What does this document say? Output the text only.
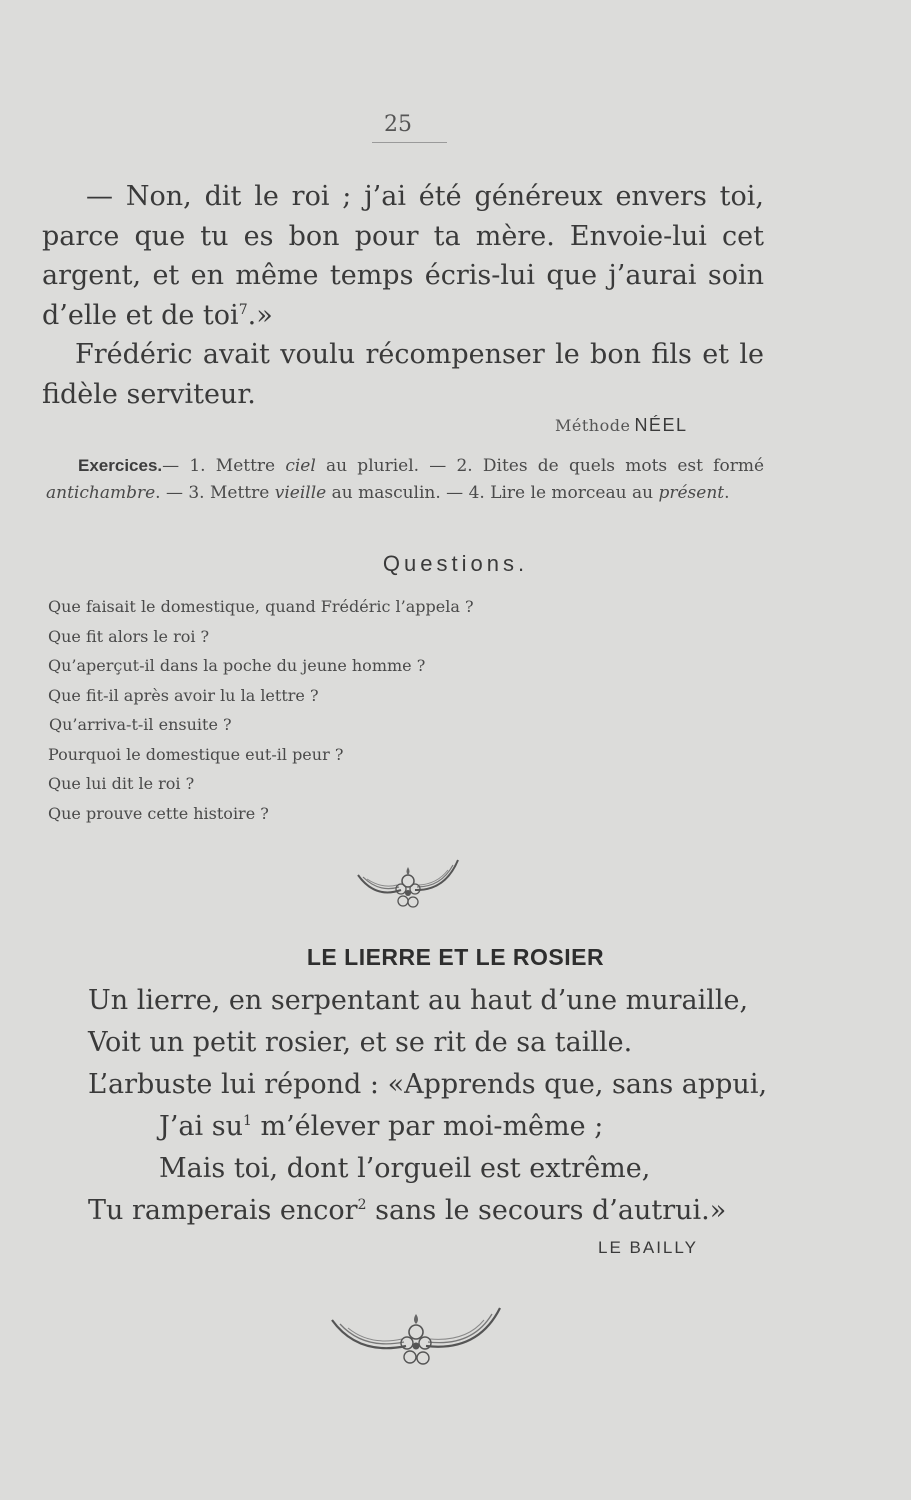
25
— Non, dit le roi ; j’ai été généreux envers toi, parce que tu es bon pour ta mère. Envoie-lui cet argent, et en même temps écris-lui que j’aurai soin d’elle et de toi$^7$.»
Frédéric avait voulu récompenser le bon fils et le fidèle serviteur.
Méthode NÉEL
Exercices.— 1. Mettre ciel au pluriel. — 2. Dites de quels mots est formé antichambre. — 3. Mettre vieille au masculin. — 4. Lire le morceau au présent.
Questions.
Que faisait le domestique, quand Frédéric l’appela ?
Que fit alors le roi ?
Qu’aperçut-il dans la poche du jeune homme ?
Que fit-il après avoir lu la lettre ?
Qu’arriva-t-il ensuite ?
Pourquoi le domestique eut-il peur ?
Que lui dit le roi ?
Que prouve cette histoire ?
LE LIERRE ET LE ROSIER
Un lierre, en serpentant au haut d’une muraille,
Voit un petit rosier, et se rit de sa taille.
L’arbuste lui répond : «Apprends que, sans appui,
J’ai $su^1$ m’élever par moi-même ;
Mais toi, dont l’orgueil est extrême,
Tu ramperais encor$^2$ sans le secours d’autrui.»
LE BAILLY
